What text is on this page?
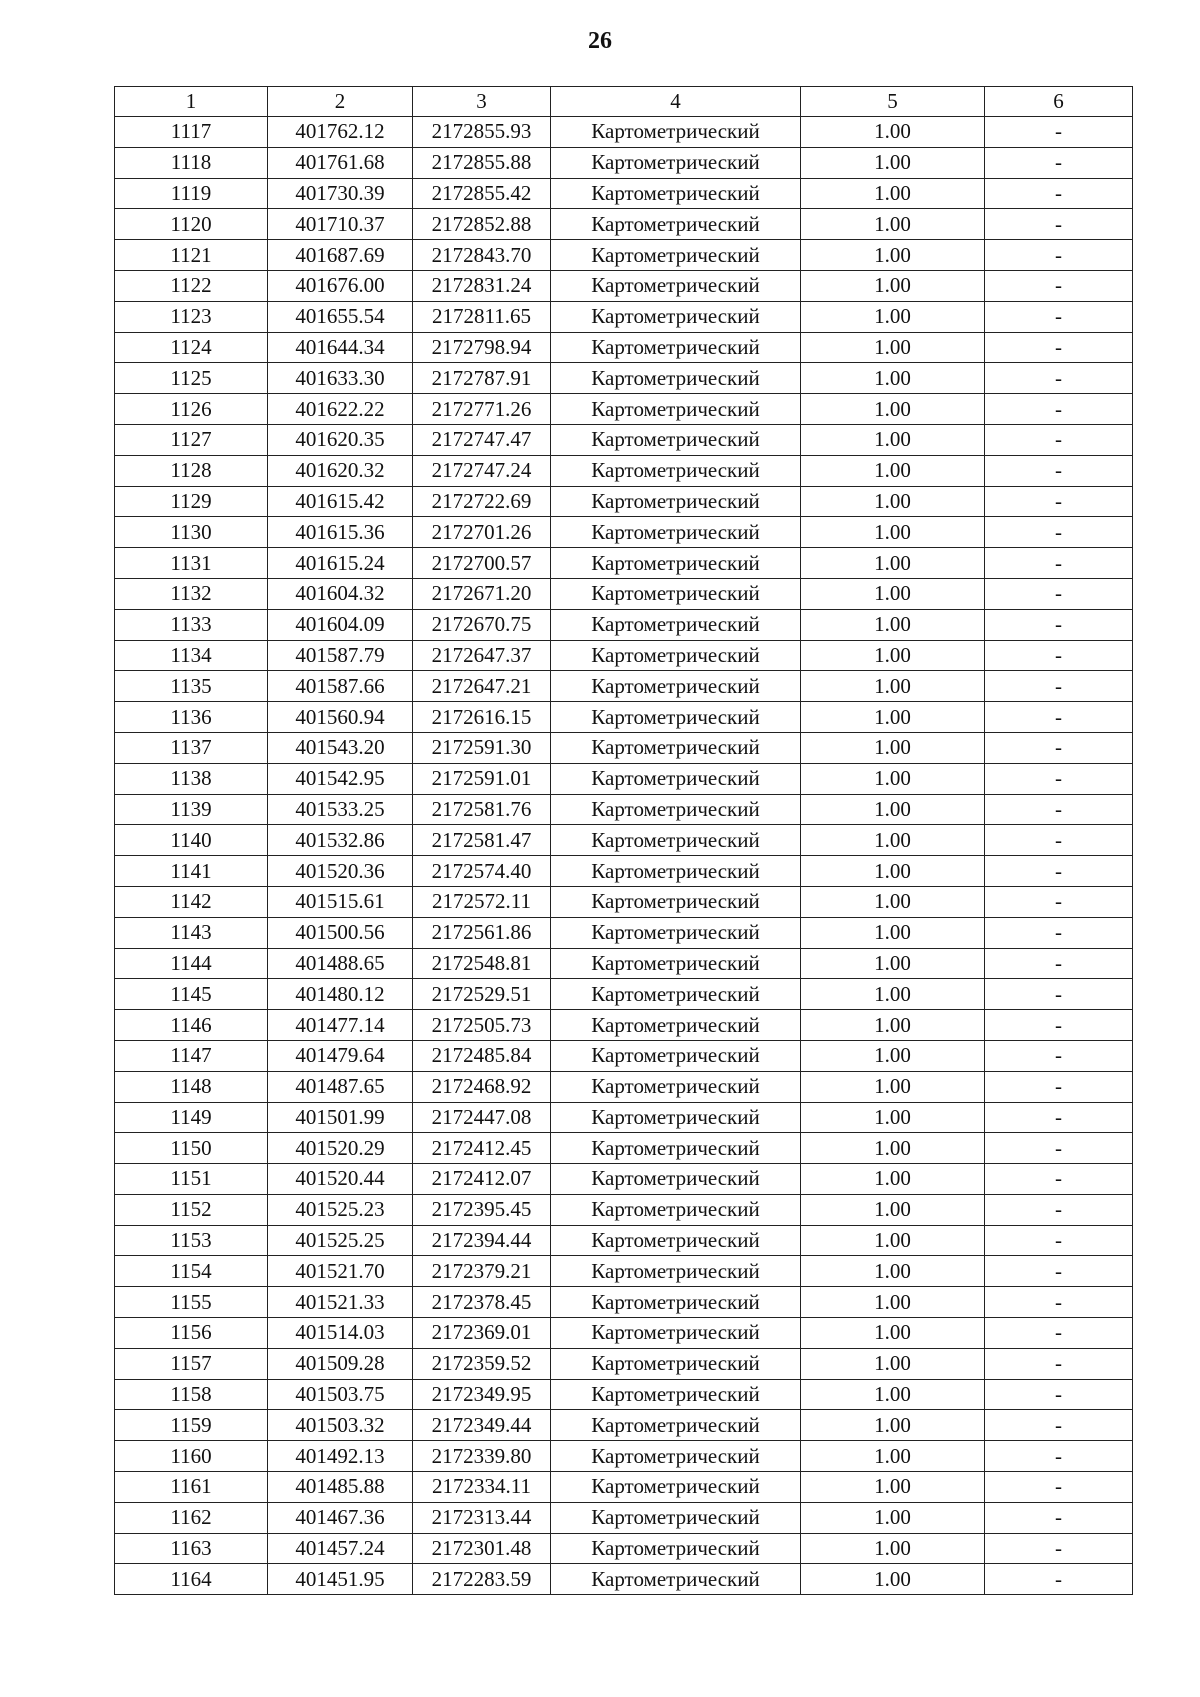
26
1	2	3	4	5	6
1117	401762.12	2172855.93	Картометрический	1.00	-
1118	401761.68	2172855.88	Картометрический	1.00	-
1119	401730.39	2172855.42	Картометрический	1.00	-
1120	401710.37	2172852.88	Картометрический	1.00	-
1121	401687.69	2172843.70	Картометрический	1.00	-
1122	401676.00	2172831.24	Картометрический	1.00	-
1123	401655.54	2172811.65	Картометрический	1.00	-
1124	401644.34	2172798.94	Картометрический	1.00	-
1125	401633.30	2172787.91	Картометрический	1.00	-
1126	401622.22	2172771.26	Картометрический	1.00	-
1127	401620.35	2172747.47	Картометрический	1.00	-
1128	401620.32	2172747.24	Картометрический	1.00	-
1129	401615.42	2172722.69	Картометрический	1.00	-
1130	401615.36	2172701.26	Картометрический	1.00	-
1131	401615.24	2172700.57	Картометрический	1.00	-
1132	401604.32	2172671.20	Картометрический	1.00	-
1133	401604.09	2172670.75	Картометрический	1.00	-
1134	401587.79	2172647.37	Картометрический	1.00	-
1135	401587.66	2172647.21	Картометрический	1.00	-
1136	401560.94	2172616.15	Картометрический	1.00	-
1137	401543.20	2172591.30	Картометрический	1.00	-
1138	401542.95	2172591.01	Картометрический	1.00	-
1139	401533.25	2172581.76	Картометрический	1.00	-
1140	401532.86	2172581.47	Картометрический	1.00	-
1141	401520.36	2172574.40	Картометрический	1.00	-
1142	401515.61	2172572.11	Картометрический	1.00	-
1143	401500.56	2172561.86	Картометрический	1.00	-
1144	401488.65	2172548.81	Картометрический	1.00	-
1145	401480.12	2172529.51	Картометрический	1.00	-
1146	401477.14	2172505.73	Картометрический	1.00	-
1147	401479.64	2172485.84	Картометрический	1.00	-
1148	401487.65	2172468.92	Картометрический	1.00	-
1149	401501.99	2172447.08	Картометрический	1.00	-
1150	401520.29	2172412.45	Картометрический	1.00	-
1151	401520.44	2172412.07	Картометрический	1.00	-
1152	401525.23	2172395.45	Картометрический	1.00	-
1153	401525.25	2172394.44	Картометрический	1.00	-
1154	401521.70	2172379.21	Картометрический	1.00	-
1155	401521.33	2172378.45	Картометрический	1.00	-
1156	401514.03	2172369.01	Картометрический	1.00	-
1157	401509.28	2172359.52	Картометрический	1.00	-
1158	401503.75	2172349.95	Картометрический	1.00	-
1159	401503.32	2172349.44	Картометрический	1.00	-
1160	401492.13	2172339.80	Картометрический	1.00	-
1161	401485.88	2172334.11	Картометрический	1.00	-
1162	401467.36	2172313.44	Картометрический	1.00	-
1163	401457.24	2172301.48	Картометрический	1.00	-
1164	401451.95	2172283.59	Картометрический	1.00	-
